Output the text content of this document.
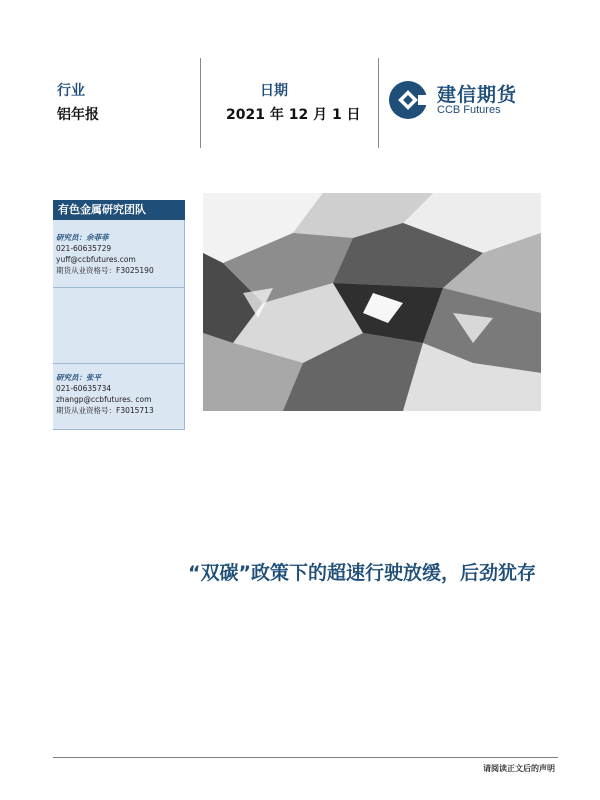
行业
铝年报
日期
2021 年 12 月 1 日
建信期货
CCB Futures
有色金属研究团队
研究员：余菲菲
021-60635729
yuff@ccbfutures.com
期货从业资格号：F3025190
研究员：张平
021-60635734
zhangp@ccbfutures. com
期货从业资格号：F3015713
“双碳”政策下的超速行驶放缓，后劲犹存
请阅读正文后的声明
